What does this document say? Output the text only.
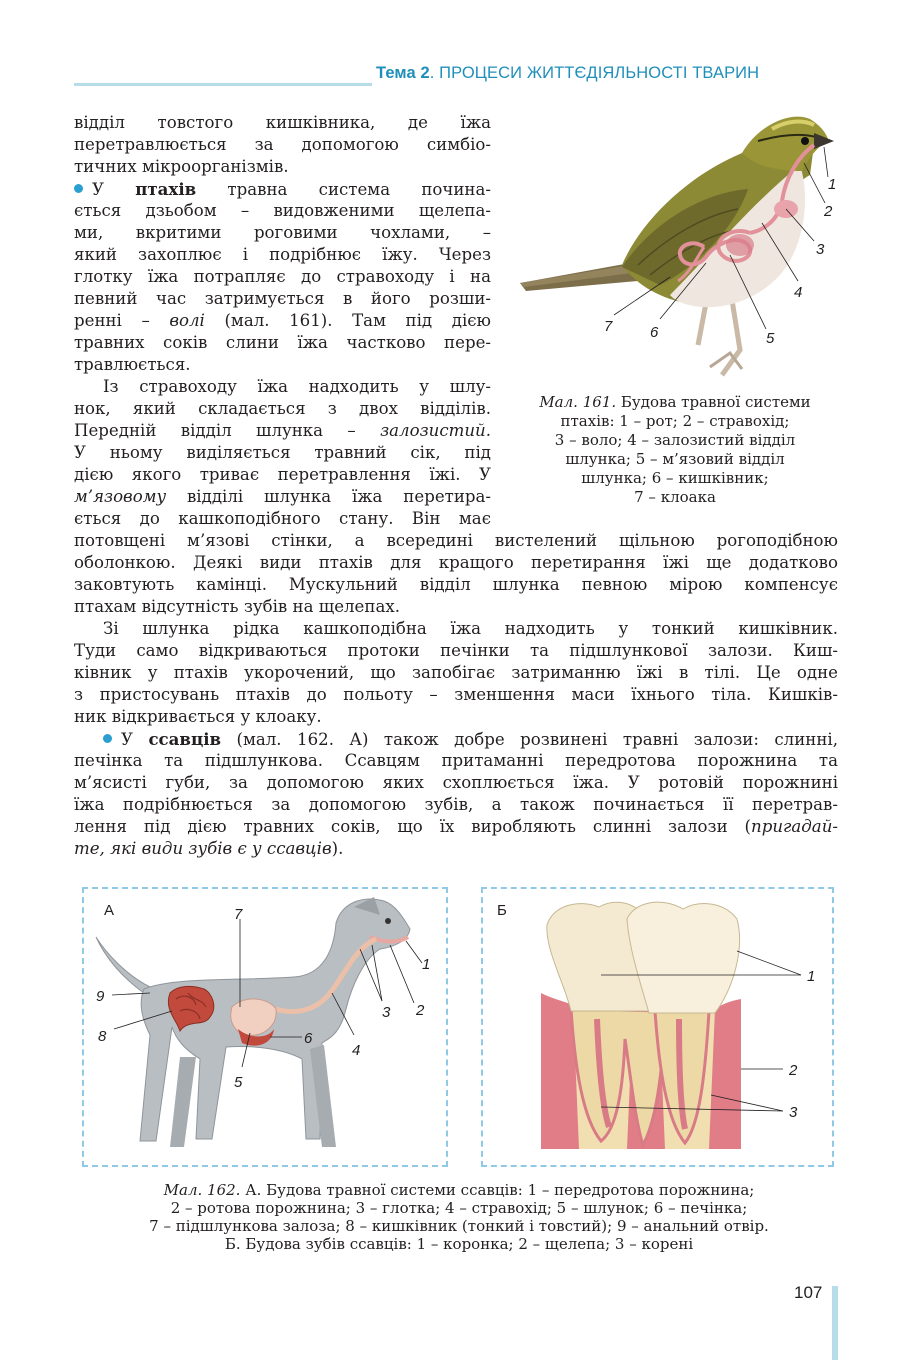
Тема 2. ПРОЦЕСИ ЖИТТЄДІЯЛЬНОСТІ ТВАРИН
відділ товстого кишківника, де їжа
перетравлюється за допомогою симбіо-
тичних мікроорганізмів.
У птахів травна система почина-
ється дзьобом – видовженими щелепа-
ми, вкритими роговими чохлами, –
який захоплює і подрібнює їжу. Через
глотку їжа потрапляє до стравоходу і на
певний час затримується в його розши-
ренні – волі (мал. 161). Там під дією
травних соків слини їжа частково пере-
травлюється.
Із стравоходу їжа надходить у шлу-
нок, який складається з двох відділів.
Передній відділ шлунка – залозистий.
У ньому виділяється травний сік, під
дією якого триває перетравлення їжі. У
м’язовому відділі шлунка їжа перетира-
ється до кашкоподібного стану. Він має
потовщені м’язові стінки, а всередині вистелений щільною рогоподібною
оболонкою. Деякі види птахів для кращого перетирання їжі ще додатково
заковтують камінці. Мускульний відділ шлунка певною мірою компенсує
птахам відсутність зубів на щелепах.
Зі шлунка рідка кашкоподібна їжа надходить у тонкий кишківник.
Туди само відкриваються протоки печінки та підшлункової залози. Киш-
ківник у птахів укорочений, що запобігає затриманню їжі в тілі. Це одне
з пристосувань птахів до польоту – зменшення маси їхнього тіла. Кишків-
ник відкривається у клоаку.
У ссавців (мал. 162. А) також добре розвинені травні залози: слинні,
печінка та підшлункова. Ссавцям притаманні передротова порожнина та
м’ясисті губи, за допомогою яких схоплюється їжа. У ротовій порожнині
їжа подрібнюється за допомогою зубів, а також починається її перетрав-
лення під дією травних соків, що їх виробляють слинні залози (пригадай-
те, які види зубів є у ссавців).
1
2
3
4
5
6
7
Мал. 161. Будова травної системи
птахів: 1 – рот; 2 – стравохід;
3 – воло; 4 – залозистий відділ
шлунка; 5 – м’язовий відділ
шлунка; 6 – кишківник;
7 – клоака
А
1
2
3
4
5
6
7
8
9
Б
1
2
3
Мал. 162. А. Будова травної системи ссавців: 1 – передротова порожнина;
2 – ротова порожнина; 3 – глотка; 4 – стравохід; 5 – шлунок; 6 – печінка;
7 – підшлункова залоза; 8 – кишківник (тонкий і товстий); 9 – анальний отвір.
Б. Будова зубів ссавців: 1 – коронка; 2 – щелепа; 3 – корені
107
